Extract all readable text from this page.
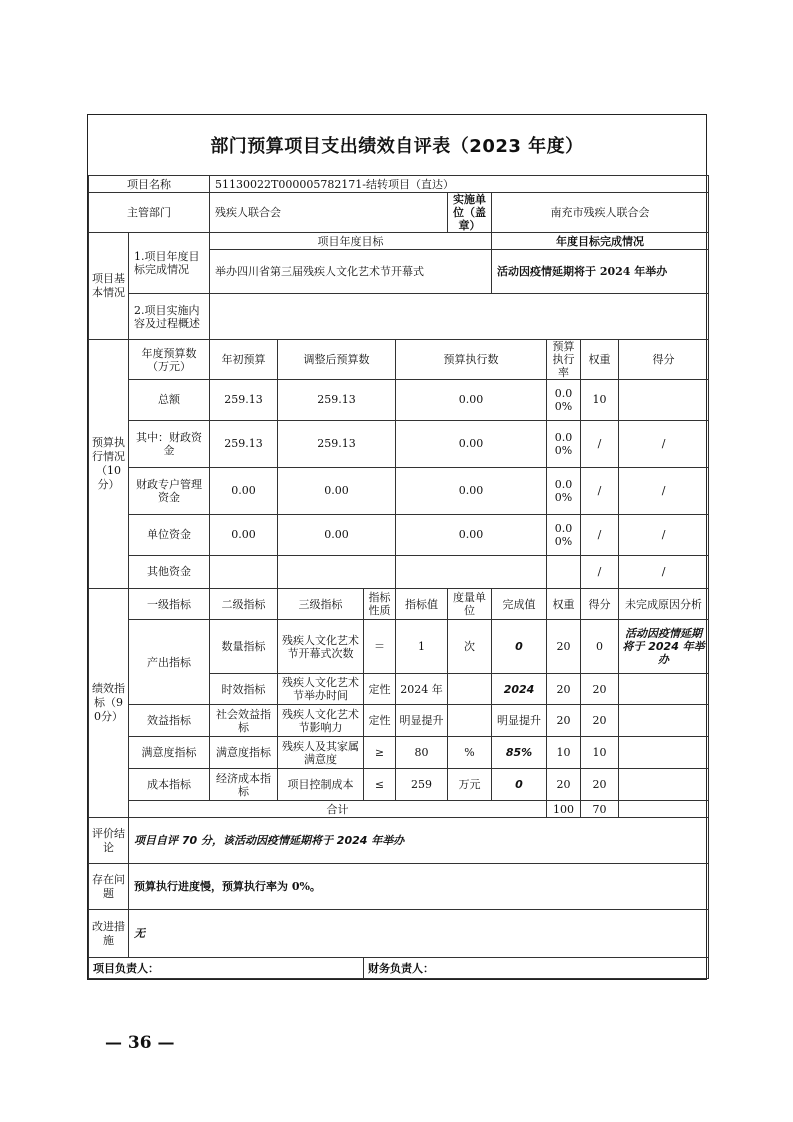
部门预算项目支出绩效自评表（2023 年度）
项目名称		51130022T000005782171-结转项目（直达）									
主管部门		残疾人联合会				实施单位（盖章）	南充市残疾人联合会				
项目基本情况	1.项目年度目标完成情况	项目年度目标					年度目标完成情况				
		举办四川省第三届残疾人文化艺术节开幕式					活动因疫情延期将于 2024 年举办				
	2.项目实施内容及过程概述										
预算执行情况（10分）	年度预算数（万元）	年初预算	调整后预算数		预算执行数			预算执行率	权重	得分	
	总额	259.13	259.13		0.00			0.00%	10		
	其中：财政资金	259.13	259.13		0.00			0.00%	/	/	
	财政专户管理资金	0.00	0.00		0.00			0.00%	/	/	
	单位资金	0.00	0.00		0.00			0.00%	/	/	
	其他资金								/	/	
绩效指标（90分）	一级指标	二级指标	三级指标	指标性质	指标值	度量单位	完成值	权重	得分	未完成原因分析	
	产出指标	数量指标	残疾人文化艺术节开幕式次数	＝	1	次	0	20	0	活动因疫情延期将于 2024 年举办	
		时效指标	残疾人文化艺术节举办时间	定性	2024 年		2024	20	20		
	效益指标	社会效益指标	残疾人文化艺术节影响力	定性	明显提升		明显提升	20	20		
	满意度指标	满意度指标	残疾人及其家属满意度	≥	80	%	85%	10	10		
	成本指标	经济成本指标	项目控制成本	≤	259	万元	0	20	20		
	合计							100	70		
评价结论	项目自评 70 分，该活动因疫情延期将于 2024 年举办										
存在问题	预算执行进度慢，预算执行率为 0%。										
改进措施	无										
项目负责人：				财务负责人：							
— 36 —
